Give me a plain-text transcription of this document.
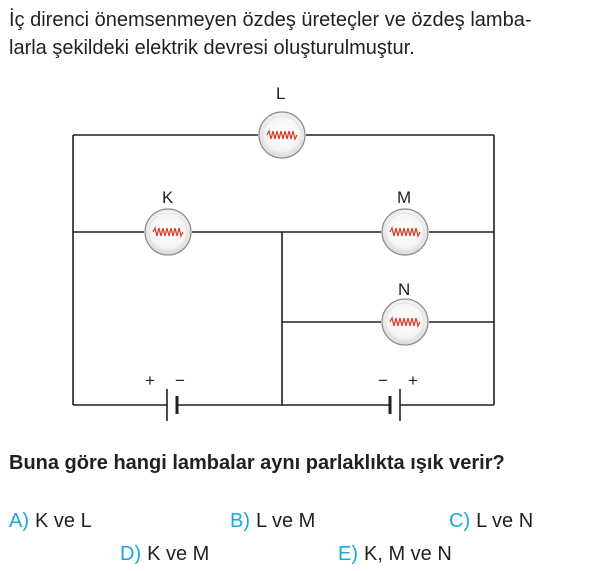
İç direnci önemsenmeyen özdeş üreteçler ve özdeş lamba-
larla şekildeki elektrik devresi oluşturulmuştur.

+ −	− +
L
K	M
N

Buna göre hangi lambalar aynı parlaklıkta ışık verir?

A) K ve L	B) L ve M	C) L ve N
D) K ve M	E) K, M ve N
